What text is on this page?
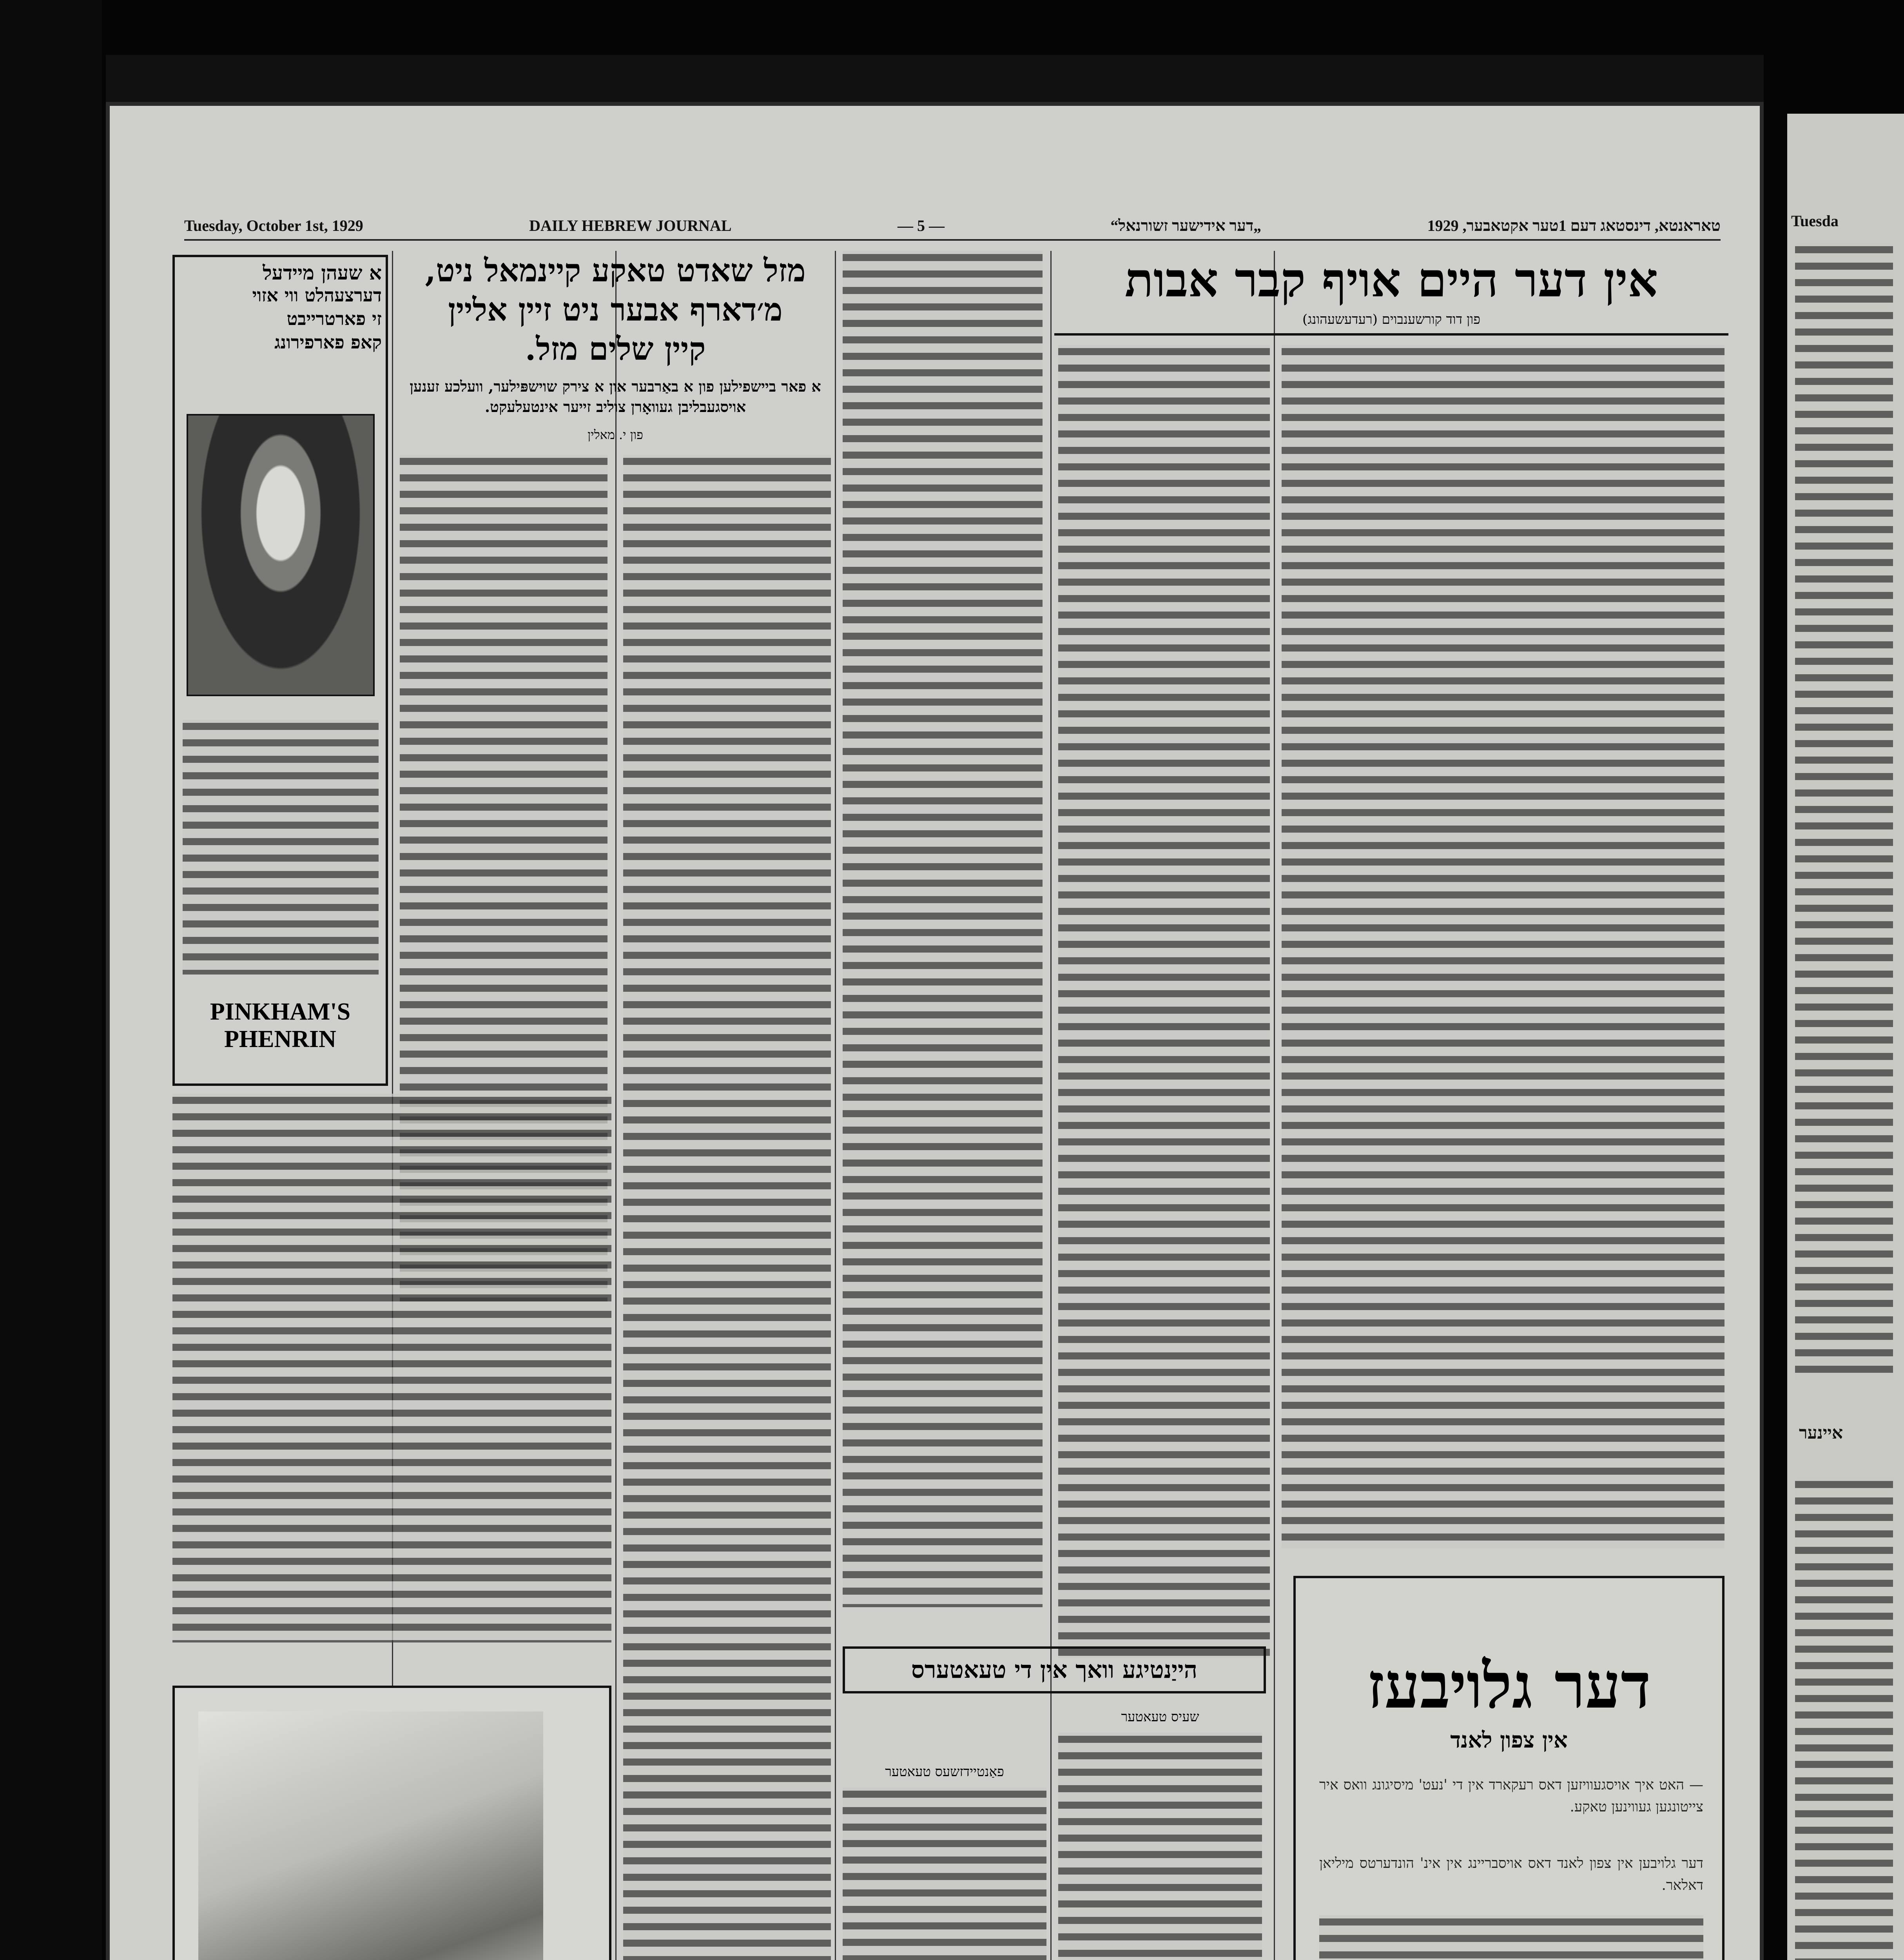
Tuesda
איינער
Tuesday, October 1st, 1929	DAILY HEBREW JOURNAL	— 5 —	„דער אידישער זשורנאל“	טאראנטא, דינסטאג דעם 1טער אקטאבער, 1929
אין דער היים אויף קבר אבות
פון דוד קורשענבוים (רעדעשעהונג)
דער גלויבעז
אין צפון לאנד
— האט איך אויסגעוויזען דאס רעקארד אין די 'נעט' מיסיגונג וואס איר צייטונגען געווינען טאקע.
דער גלויבען אין צפון לאנד דאס אויסבריינג אין אינ' הונדערטס מיליאן דאלאר.
הייַנטיגע וואך אין די טעאטערס
שעיס טעאטער
פאַנטיידזשעס טעאטער
מזל שאדט טאקע קיינמאל ניט,
מ׳דארף אבער ניט זיין אליין
קיין שלים מזל.
א פאר ביישפילען פון א באַרבער און א צירק שוישפּילער, וועלכע זענען אויסגעבליבן געוואָרן צוליב זייער אינטעלעקט.
פון י. מאלין
א שעהן מיידעל
דערצעהלט ווי אזוי
זי פארטרייבט
קאפ פארפירונג
PINKHAM'S
PHENRIN
